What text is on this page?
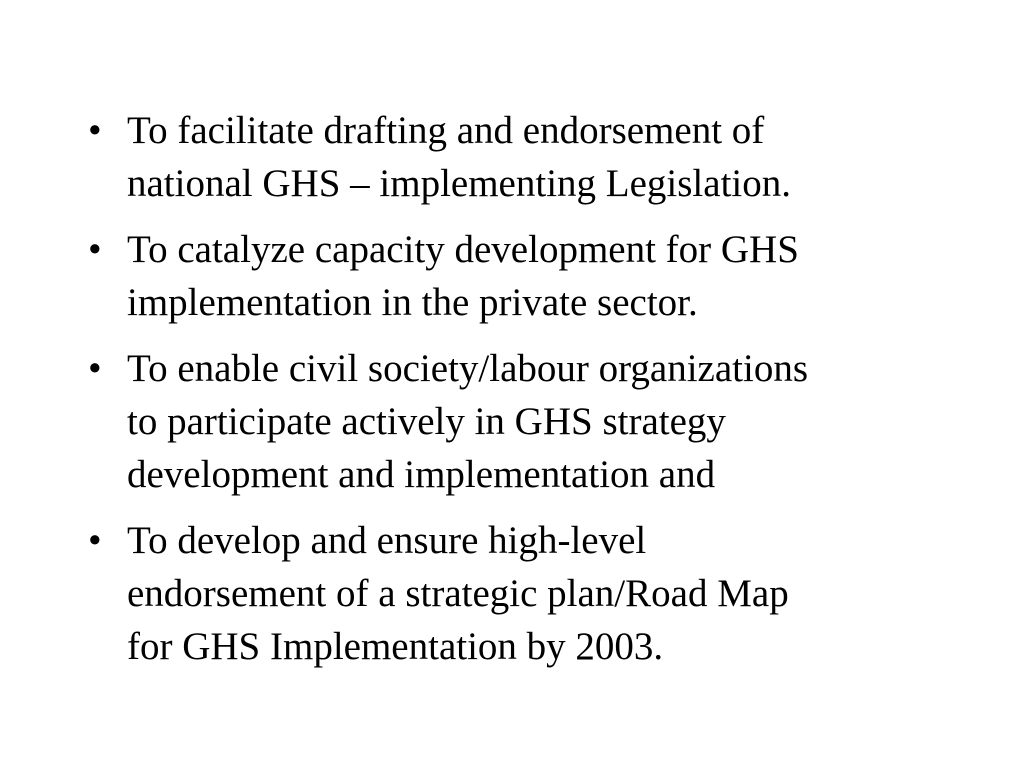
• To facilitate drafting and endorsement of
national GHS – implementing Legislation.
• To catalyze capacity development for GHS
implementation in the private sector.
• To enable civil society/labour organizations
to participate actively in GHS strategy
development and implementation and
• To develop and ensure high-level
endorsement of a strategic plan/Road Map
for GHS Implementation by 2003.
